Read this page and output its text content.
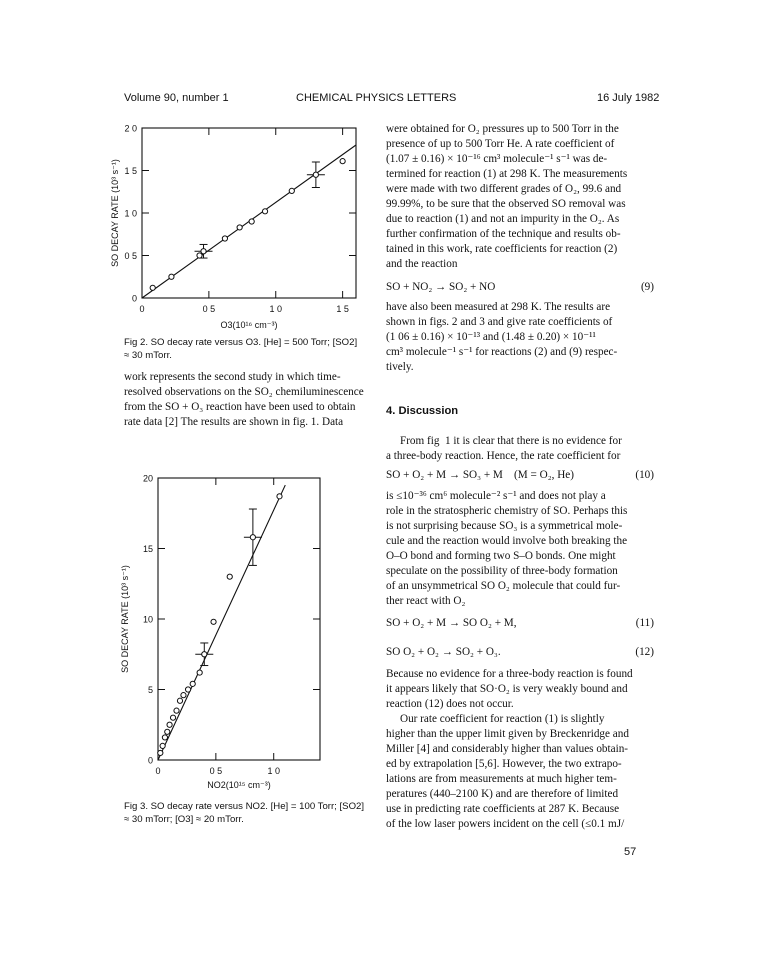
Volume 90, number 1	CHEMICAL PHYSICS LETTERS	16 July 1982
0
0 5
1 0
1 5
2 0
0	0 5	1 0	1 5
SO DECAY RATE (10³ s⁻¹)
O3(10¹⁶ cm⁻³)
Fig 2. SO decay rate versus O3. [He] = 500 Torr; [SO2]
≈ 30 mTorr.
work represents the second study in which time-
resolved observations on the SO₂ chemiluminescence
from the SO + O₃ reaction have been used to obtain
rate data [2] The results are shown in fig. 1. Data
0
5
10
15
20
0	0 5	1 0
SO DECAY RATE (10³ s⁻¹)
NO2(10¹⁵ cm⁻³)
Fig 3. SO decay rate versus NO2. [He] = 100 Torr; [SO2]
≈ 30 mTorr; [O3] ≈ 20 mTorr.
were obtained for O₂ pressures up to 500 Torr in the
presence of up to 500 Torr He. A rate coefficient of
(1.07 ± 0.16) × 10⁻¹⁶ cm³ molecule⁻¹ s⁻¹ was de-
termined for reaction (1) at 298 K. The measurements
were made with two different grades of O₂, 99.6 and
99.99%, to be sure that the observed SO removal was
due to reaction (1) and not an impurity in the O₂. As
further confirmation of the technique and results ob-
tained in this work, rate coefficients for reaction (2)
and the reaction
SO + NO₂ → SO₂ + NO	(9)
have also been measured at 298 K. The results are
shown in figs. 2 and 3 and give rate coefficients of
(1 06 ± 0.16) × 10⁻¹³ and (1.48 ± 0.20) × 10⁻¹¹
cm³ molecule⁻¹ s⁻¹ for reactions (2) and (9) respec-
tively.
4. Discussion
From fig  1 it is clear that there is no evidence for
a three-body reaction. Hence, the rate coefficient for
SO + O₂ + M → SO₃ + M    (M = O₂, He)	(10)
is ≤10⁻³⁶ cm⁶ molecule⁻² s⁻¹ and does not play a
role in the stratospheric chemistry of SO. Perhaps this
is not surprising because SO₃ is a symmetrical mole-
cule and the reaction would involve both breaking the
O–O bond and forming two S–O bonds. One might
speculate on the possibility of three-body formation
of an unsymmetrical SO O₂ molecule that could fur-
ther react with O₂
SO + O₂ + M → SO O₂ + M,	(11)
SO O₂ + O₂ → SO₂ + O₃.	(12)
Because no evidence for a three-body reaction is found
it appears likely that SO·O₂ is very weakly bound and
reaction (12) does not occur.
Our rate coefficient for reaction (1) is slightly
higher than the upper limit given by Breckenridge and
Miller [4] and considerably higher than values obtain-
ed by extrapolation [5,6]. However, the two extrapo-
lations are from measurements at much higher tem-
peratures (440–2100 K) and are therefore of limited
use in predicting rate coefficients at 287 K. Because
of the low laser powers incident on the cell (≤0.1 mJ/
57
